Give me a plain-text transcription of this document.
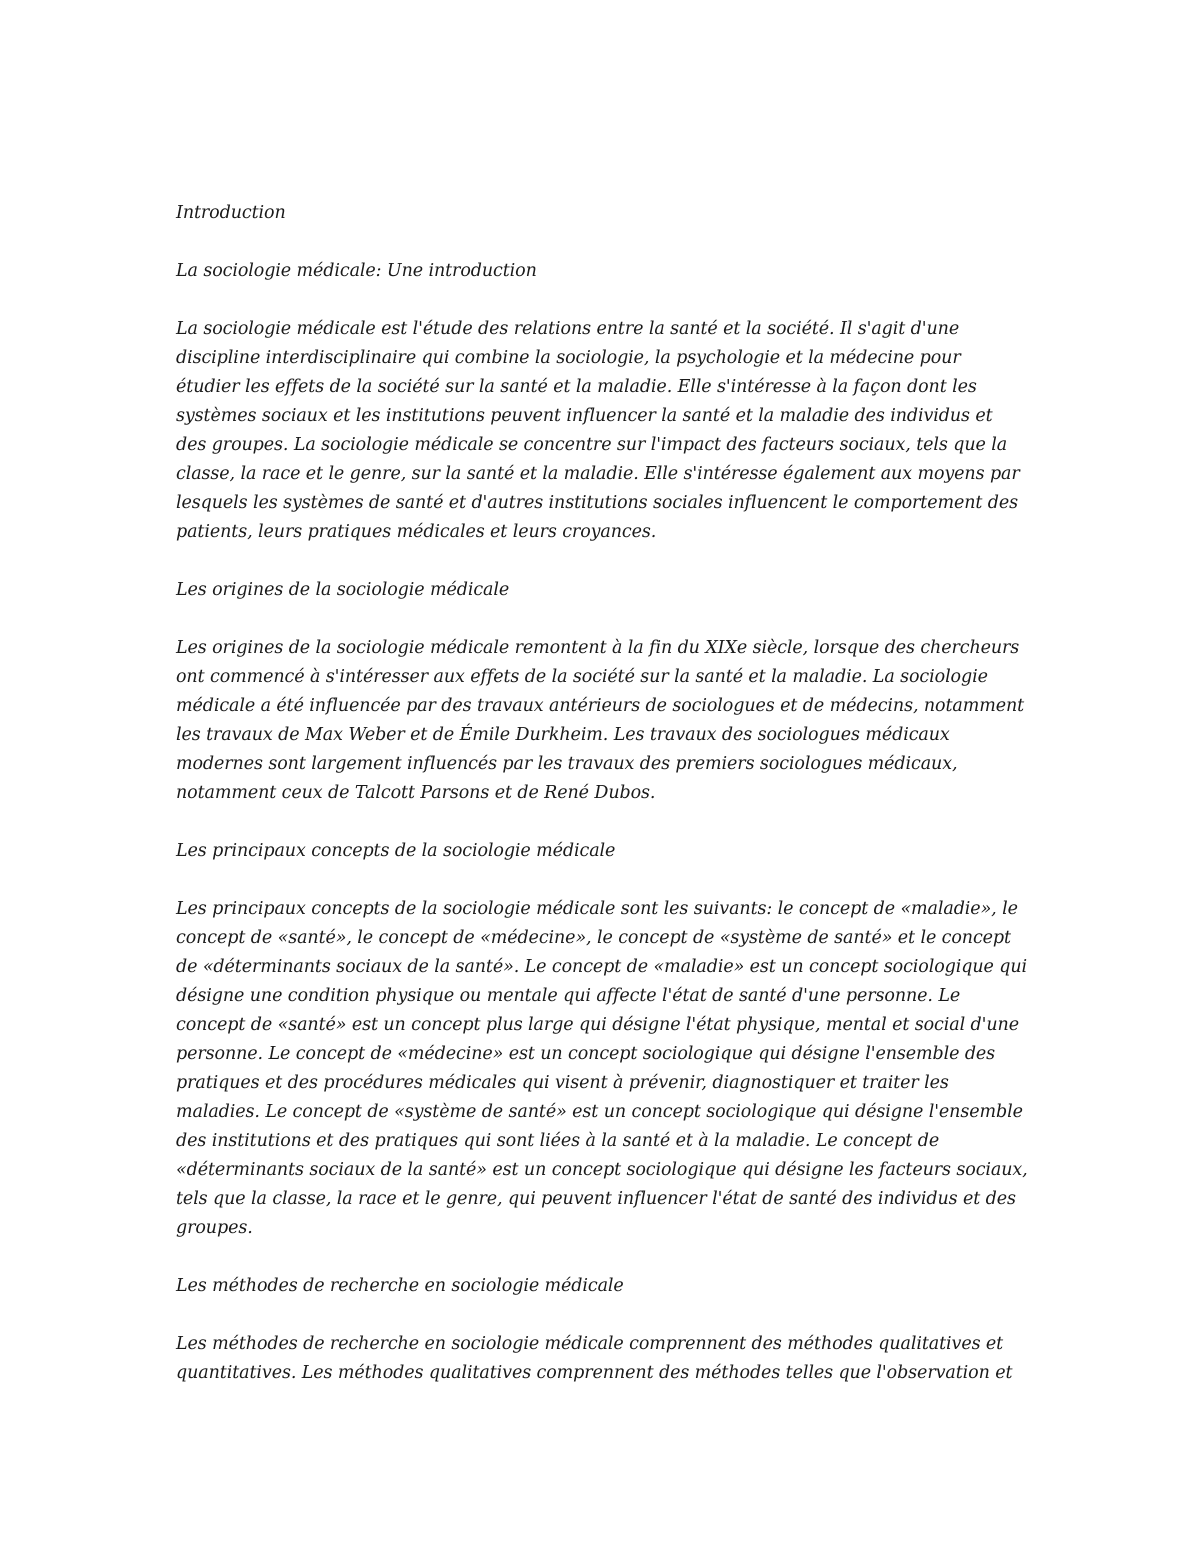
Introduction

La sociologie médicale: Une introduction

La sociologie médicale est l'étude des relations entre la santé et la société. Il s'agit d'une discipline interdisciplinaire qui combine la sociologie, la psychologie et la médecine pour étudier les effets de la société sur la santé et la maladie. Elle s'intéresse à la façon dont les systèmes sociaux et les institutions peuvent influencer la santé et la maladie des individus et des groupes. La sociologie médicale se concentre sur l'impact des facteurs sociaux, tels que la classe, la race et le genre, sur la santé et la maladie. Elle s'intéresse également aux moyens par lesquels les systèmes de santé et d'autres institutions sociales influencent le comportement des patients, leurs pratiques médicales et leurs croyances.

Les origines de la sociologie médicale

Les origines de la sociologie médicale remontent à la fin du XIXe siècle, lorsque des chercheurs ont commencé à s'intéresser aux effets de la société sur la santé et la maladie. La sociologie médicale a été influencée par des travaux antérieurs de sociologues et de médecins, notamment les travaux de Max Weber et de Émile Durkheim. Les travaux des sociologues médicaux modernes sont largement influencés par les travaux des premiers sociologues médicaux, notamment ceux de Talcott Parsons et de René Dubos.

Les principaux concepts de la sociologie médicale

Les principaux concepts de la sociologie médicale sont les suivants: le concept de «maladie», le concept de «santé», le concept de «médecine», le concept de «système de santé» et le concept de «déterminants sociaux de la santé». Le concept de «maladie» est un concept sociologique qui désigne une condition physique ou mentale qui affecte l'état de santé d'une personne. Le concept de «santé» est un concept plus large qui désigne l'état physique, mental et social d'une personne. Le concept de «médecine» est un concept sociologique qui désigne l'ensemble des pratiques et des procédures médicales qui visent à prévenir, diagnostiquer et traiter les maladies. Le concept de «système de santé» est un concept sociologique qui désigne l'ensemble des institutions et des pratiques qui sont liées à la santé et à la maladie. Le concept de «déterminants sociaux de la santé» est un concept sociologique qui désigne les facteurs sociaux, tels que la classe, la race et le genre, qui peuvent influencer l'état de santé des individus et des groupes.

Les méthodes de recherche en sociologie médicale

Les méthodes de recherche en sociologie médicale comprennent des méthodes qualitatives et quantitatives. Les méthodes qualitatives comprennent des méthodes telles que l'observation et
